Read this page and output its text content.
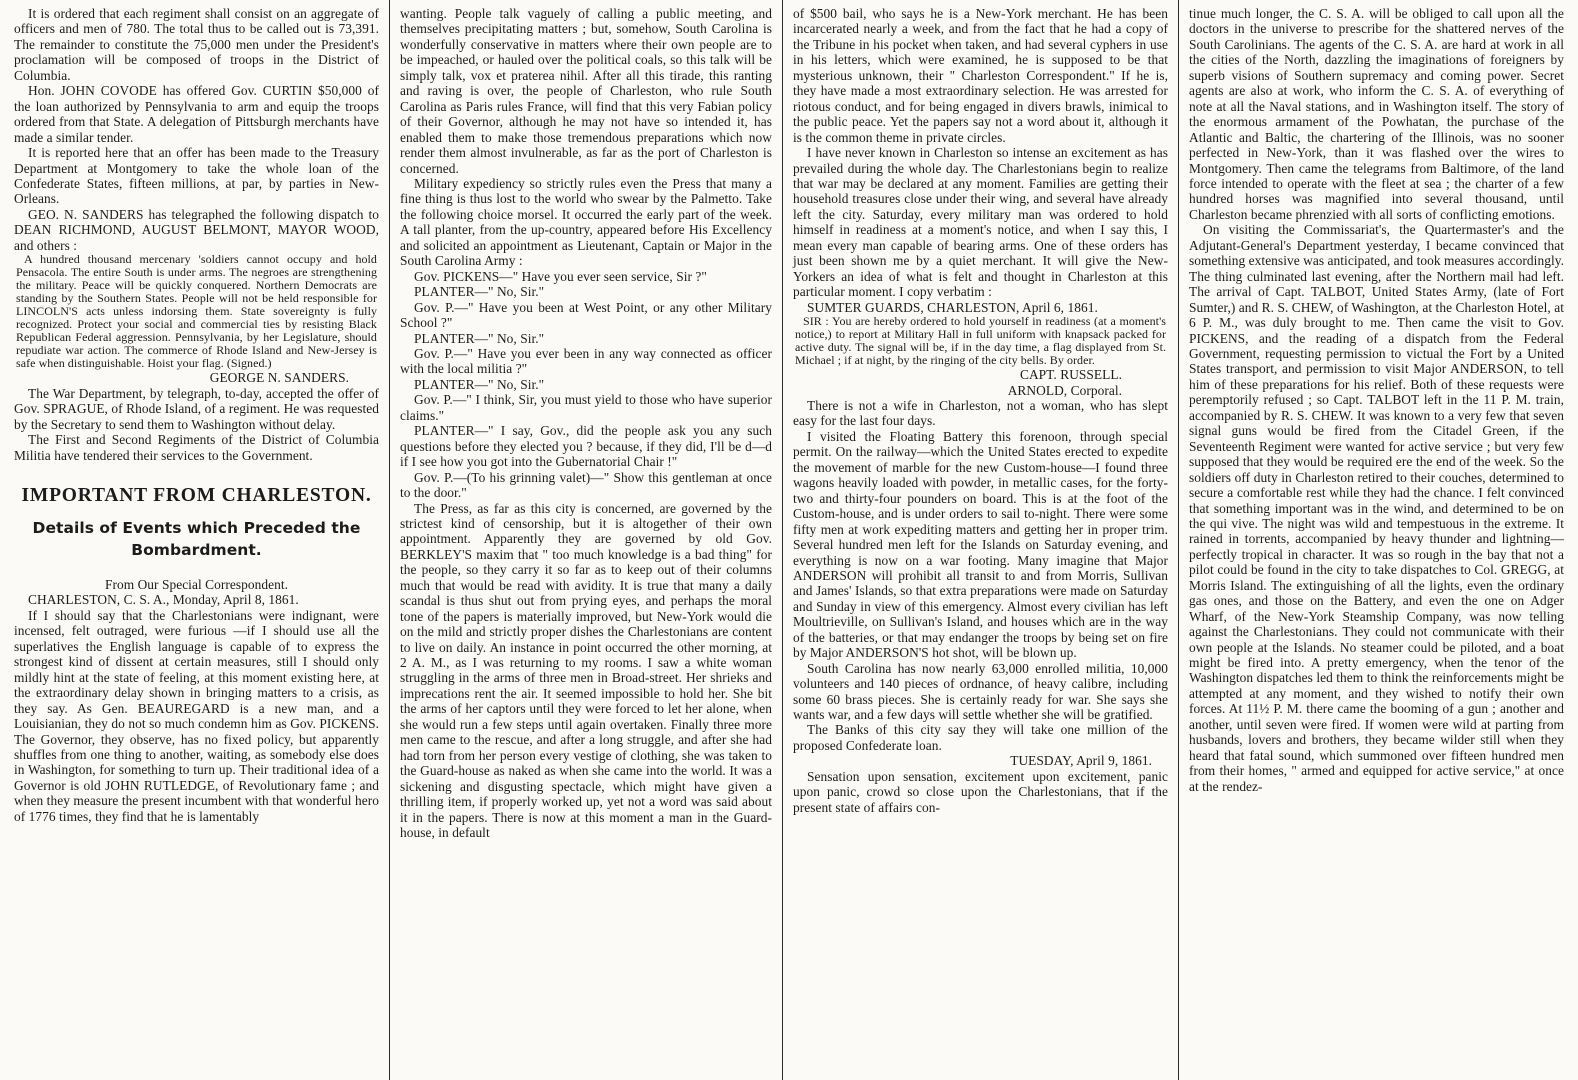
It is ordered that each regiment shall consist on an aggregate of officers and men of 780. The total thus to be called out is 73,391. The remainder to constitute the 75,000 men under the President's proclamation will be composed of troops in the District of Columbia.

Hon. JOHN COVODE has offered Gov. CURTIN $50,000 of the loan authorized by Pennsylvania to arm and equip the troops ordered from that State. A delegation of Pittsburgh merchants have made a similar tender.

It is reported here that an offer has been made to the Treasury Department at Montgomery to take the whole loan of the Confederate States, fifteen millions, at par, by parties in New-Orleans.

GEO. N. SANDERS has telegraphed the following dispatch to DEAN RICHMOND, AUGUST BELMONT, MAYOR WOOD, and others :

A hundred thousand mercenary 'soldiers cannot occupy and hold Pensacola. The entire South is under arms. The negroes are strengthening the military. Peace will be quickly conquered. Northern Democrats are standing by the Southern States. People will not be held responsible for LINCOLN'S acts unless indorsing them. State sovereignty is fully recognized. Protect your social and commercial ties by resisting Black Republican Federal aggression. Pennsylvania, by her Legislature, should repudiate war action. The commerce of Rhode Island and New-Jersey is safe when distinguishable. Hoist your flag. (Signed.)

GEORGE N. SANDERS.

The War Department, by telegraph, to-day, accepted the offer of Gov. SPRAGUE, of Rhode Island, of a regiment. He was requested by the Secretary to send them to Washington without delay.

The First and Second Regiments of the District of Columbia Militia have tendered their services to the Government.

IMPORTANT FROM CHARLESTON.
Details of Events which Preceded the Bombardment.

From Our Special Correspondent.

CHARLESTON, C. S. A., Monday, April 8, 1861.

If I should say that the Charlestonians were indignant, were incensed, felt outraged, were furious —if I should use all the superlatives the English language is capable of to express the strongest kind of dissent at certain measures, still I should only mildly hint at the state of feeling, at this moment existing here, at the extraordinary delay shown in bringing matters to a crisis, as they say. As Gen. BEAUREGARD is a new man, and a Louisianian, they do not so much condemn him as Gov. PICKENS. The Governor, they observe, has no fixed policy, but apparently shuffles from one thing to another, waiting, as somebody else does in Washington, for something to turn up. Their traditional idea of a Governor is old JOHN RUTLEDGE, of Revolutionary fame ; and when they measure the present incumbent with that wonderful hero of 1776 times, they find that he is lamentably

wanting. People talk vaguely of calling a public meeting, and themselves precipitating matters ; but, somehow, South Carolina is wonderfully conservative in matters where their own people are to be impeached, or hauled over the political coals, so this talk will be simply talk, vox et praterea nihil. After all this tirade, this ranting and raving is over, the people of Charleston, who rule South Carolina as Paris rules France, will find that this very Fabian policy of their Governor, although he may not have so intended it, has enabled them to make those tremendous preparations which now render them almost invulnerable, as far as the port of Charleston is concerned.

Military expediency so strictly rules even the Press that many a fine thing is thus lost to the world who swear by the Palmetto. Take the following choice morsel. It occurred the early part of the week. A tall planter, from the up-country, appeared before His Excellency and solicited an appointment as Lieutenant, Captain or Major in the South Carolina Army :

Gov. PICKENS—" Have you ever seen service, Sir ?"

PLANTER—" No, Sir."

Gov. P.—" Have you been at West Point, or any other Military School ?"

PLANTER—" No, Sir."

Gov. P.—" Have you ever been in any way connected as officer with the local militia ?"

PLANTER—" No, Sir."

Gov. P.—" I think, Sir, you must yield to those who have superior claims."

PLANTER—" I say, Gov., did the people ask you any such questions before they elected you ? because, if they did, I'll be d—d if I see how you got into the Gubernatorial Chair !"

Gov. P.—(To his grinning valet)—" Show this gentleman at once to the door."

The Press, as far as this city is concerned, are governed by the strictest kind of censorship, but it is altogether of their own appointment. Apparently they are governed by old Gov. BERKLEY'S maxim that " too much knowledge is a bad thing" for the people, so they carry it so far as to keep out of their columns much that would be read with avidity. It is true that many a daily scandal is thus shut out from prying eyes, and perhaps the moral tone of the papers is materially improved, but New-York would die on the mild and strictly proper dishes the Charlestonians are content to live on daily. An instance in point occurred the other morning, at 2 A. M., as I was returning to my rooms. I saw a white woman struggling in the arms of three men in Broad-street. Her shrieks and imprecations rent the air. It seemed impossible to hold her. She bit the arms of her captors until they were forced to let her alone, when she would run a few steps until again overtaken. Finally three more men came to the rescue, and after a long struggle, and after she had had torn from her person every vestige of clothing, she was taken to the Guard-house as naked as when she came into the world. It was a sickening and disgusting spectacle, which might have given a thrilling item, if properly worked up, yet not a word was said about it in the papers. There is now at this moment a man in the Guard-house, in default

of $500 bail, who says he is a New-York merchant. He has been incarcerated nearly a week, and from the fact that he had a copy of the Tribune in his pocket when taken, and had several cyphers in use in his letters, which were examined, he is supposed to be that mysterious unknown, their " Charleston Correspondent." If he is, they have made a most extraordinary selection. He was arrested for riotous conduct, and for being engaged in divers brawls, inimical to the public peace. Yet the papers say not a word about it, although it is the common theme in private circles.

I have never known in Charleston so intense an excitement as has prevailed during the whole day. The Charlestonians begin to realize that war may be declared at any moment. Families are getting their household treasures close under their wing, and several have already left the city. Saturday, every military man was ordered to hold himself in readiness at a moment's notice, and when I say this, I mean every man capable of bearing arms. One of these orders has just been shown me by a quiet merchant. It will give the New-Yorkers an idea of what is felt and thought in Charleston at this particular moment. I copy verbatim :

SUMTER GUARDS, CHARLESTON, April 6, 1861.

SIR : You are hereby ordered to hold yourself in readiness (at a moment's notice,) to report at Military Hall in full uniform with knapsack packed for active duty. The signal will be, if in the day time, a flag displayed from St. Michael ; if at night, by the ringing of the city bells. By order.

CAPT. RUSSELL.

ARNOLD, Corporal.

There is not a wife in Charleston, not a woman, who has slept easy for the last four days.

I visited the Floating Battery this forenoon, through special permit. On the railway—which the United States erected to expedite the movement of marble for the new Custom-house—I found three wagons heavily loaded with powder, in metallic cases, for the forty-two and thirty-four pounders on board. This is at the foot of the Custom-house, and is under orders to sail to-night. There were some fifty men at work expediting matters and getting her in proper trim. Several hundred men left for the Islands on Saturday evening, and everything is now on a war footing. Many imagine that Major ANDERSON will prohibit all transit to and from Morris, Sullivan and James' Islands, so that extra preparations were made on Saturday and Sunday in view of this emergency. Almost every civilian has left Moultrieville, on Sullivan's Island, and houses which are in the way of the batteries, or that may endanger the troops by being set on fire by Major ANDERSON'S hot shot, will be blown up.

South Carolina has now nearly 63,000 enrolled militia, 10,000 volunteers and 140 pieces of ordnance, of heavy calibre, including some 60 brass pieces. She is certainly ready for war. She says she wants war, and a few days will settle whether she will be gratified.

The Banks of this city say they will take one million of the proposed Confederate loan.

TUESDAY, April 9, 1861.

Sensation upon sensation, excitement upon excitement, panic upon panic, crowd so close upon the Charlestonians, that if the present state of affairs con-

tinue much longer, the C. S. A. will be obliged to call upon all the doctors in the universe to prescribe for the shattered nerves of the South Carolinians. The agents of the C. S. A. are hard at work in all the cities of the North, dazzling the imaginations of foreigners by superb visions of Southern supremacy and coming power. Secret agents are also at work, who inform the C. S. A. of everything of note at all the Naval stations, and in Washington itself. The story of the enormous armament of the Powhatan, the purchase of the Atlantic and Baltic, the chartering of the Illinois, was no sooner perfected in New-York, than it was flashed over the wires to Montgomery. Then came the telegrams from Baltimore, of the land force intended to operate with the fleet at sea ; the charter of a few hundred horses was magnified into several thousand, until Charleston became phrenzied with all sorts of conflicting emotions.

On visiting the Commissariat's, the Quartermaster's and the Adjutant-General's Department yesterday, I became convinced that something extensive was anticipated, and took measures accordingly. The thing culminated last evening, after the Northern mail had left. The arrival of Capt. TALBOT, United States Army, (late of Fort Sumter,) and R. S. CHEW, of Washington, at the Charleston Hotel, at 6 P. M., was duly brought to me. Then came the visit to Gov. PICKENS, and the reading of a dispatch from the Federal Government, requesting permission to victual the Fort by a United States transport, and permission to visit Major ANDERSON, to tell him of these preparations for his relief. Both of these requests were peremptorily refused ; so Capt. TALBOT left in the 11 P. M. train, accompanied by R. S. CHEW. It was known to a very few that seven signal guns would be fired from the Citadel Green, if the Seventeenth Regiment were wanted for active service ; but very few supposed that they would be required ere the end of the week. So the soldiers off duty in Charleston retired to their couches, determined to secure a comfortable rest while they had the chance. I felt convinced that something important was in the wind, and determined to be on the qui vive. The night was wild and tempestuous in the extreme. It rained in torrents, accompanied by heavy thunder and lightning—perfectly tropical in character. It was so rough in the bay that not a pilot could be found in the city to take dispatches to Col. GREGG, at Morris Island. The extinguishing of all the lights, even the ordinary gas ones, and those on the Battery, and even the one on Adger Wharf, of the New-York Steamship Company, was now telling against the Charlestonians. They could not communicate with their own people at the Islands. No steamer could be piloted, and a boat might be fired into. A pretty emergency, when the tenor of the Washington dispatches led them to think the reinforcements might be attempted at any moment, and they wished to notify their own forces. At 11½ P. M. there came the booming of a gun ; another and another, until seven were fired. If women were wild at parting from husbands, lovers and brothers, they became wilder still when they heard that fatal sound, which summoned over fifteen hundred men from their homes, " armed and equipped for active service," at once at the rendez-
